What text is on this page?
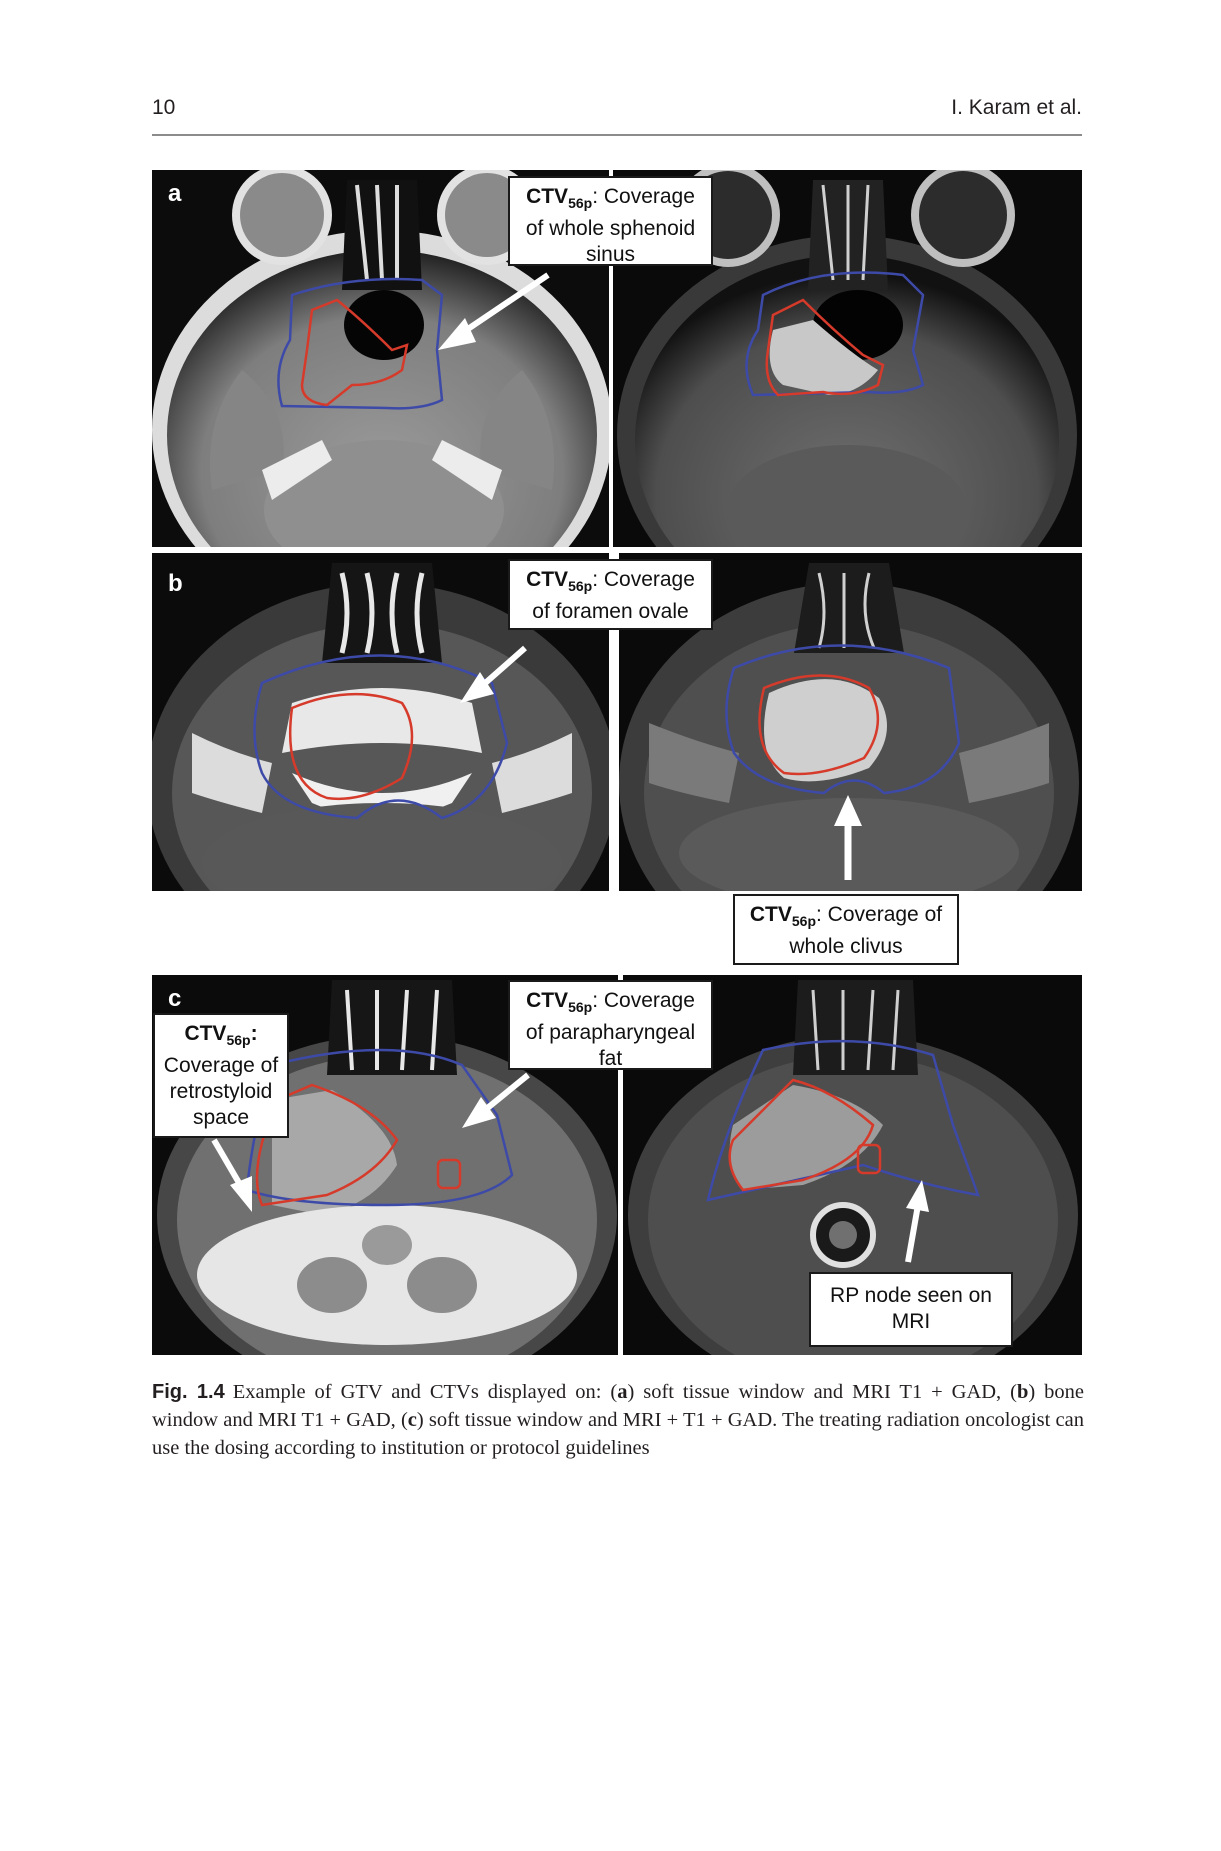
10	I. Karam et al.
a
b
c
$CTV_{56p}$: Coverage
of whole sphenoid
sinus
$CTV_{56p}$: Coverage
of foramen ovale
$CTV_{56p}$: Coverage of
whole clivus
$CTV_{56p}$: Coverage
of parapharyngeal
fat
$CTV_{56p}$:
Coverage of
retrostyloid
space
RP node seen on
MRI
Fig. 1.4 Example of GTV and CTVs displayed on: (a) soft tissue window and MRI T1 + GAD, (b) bone window and MRI T1 + GAD, (c) soft tissue window and MRI + T1 + GAD. The treating radiation oncologist can use the dosing according to institution or protocol guidelines
